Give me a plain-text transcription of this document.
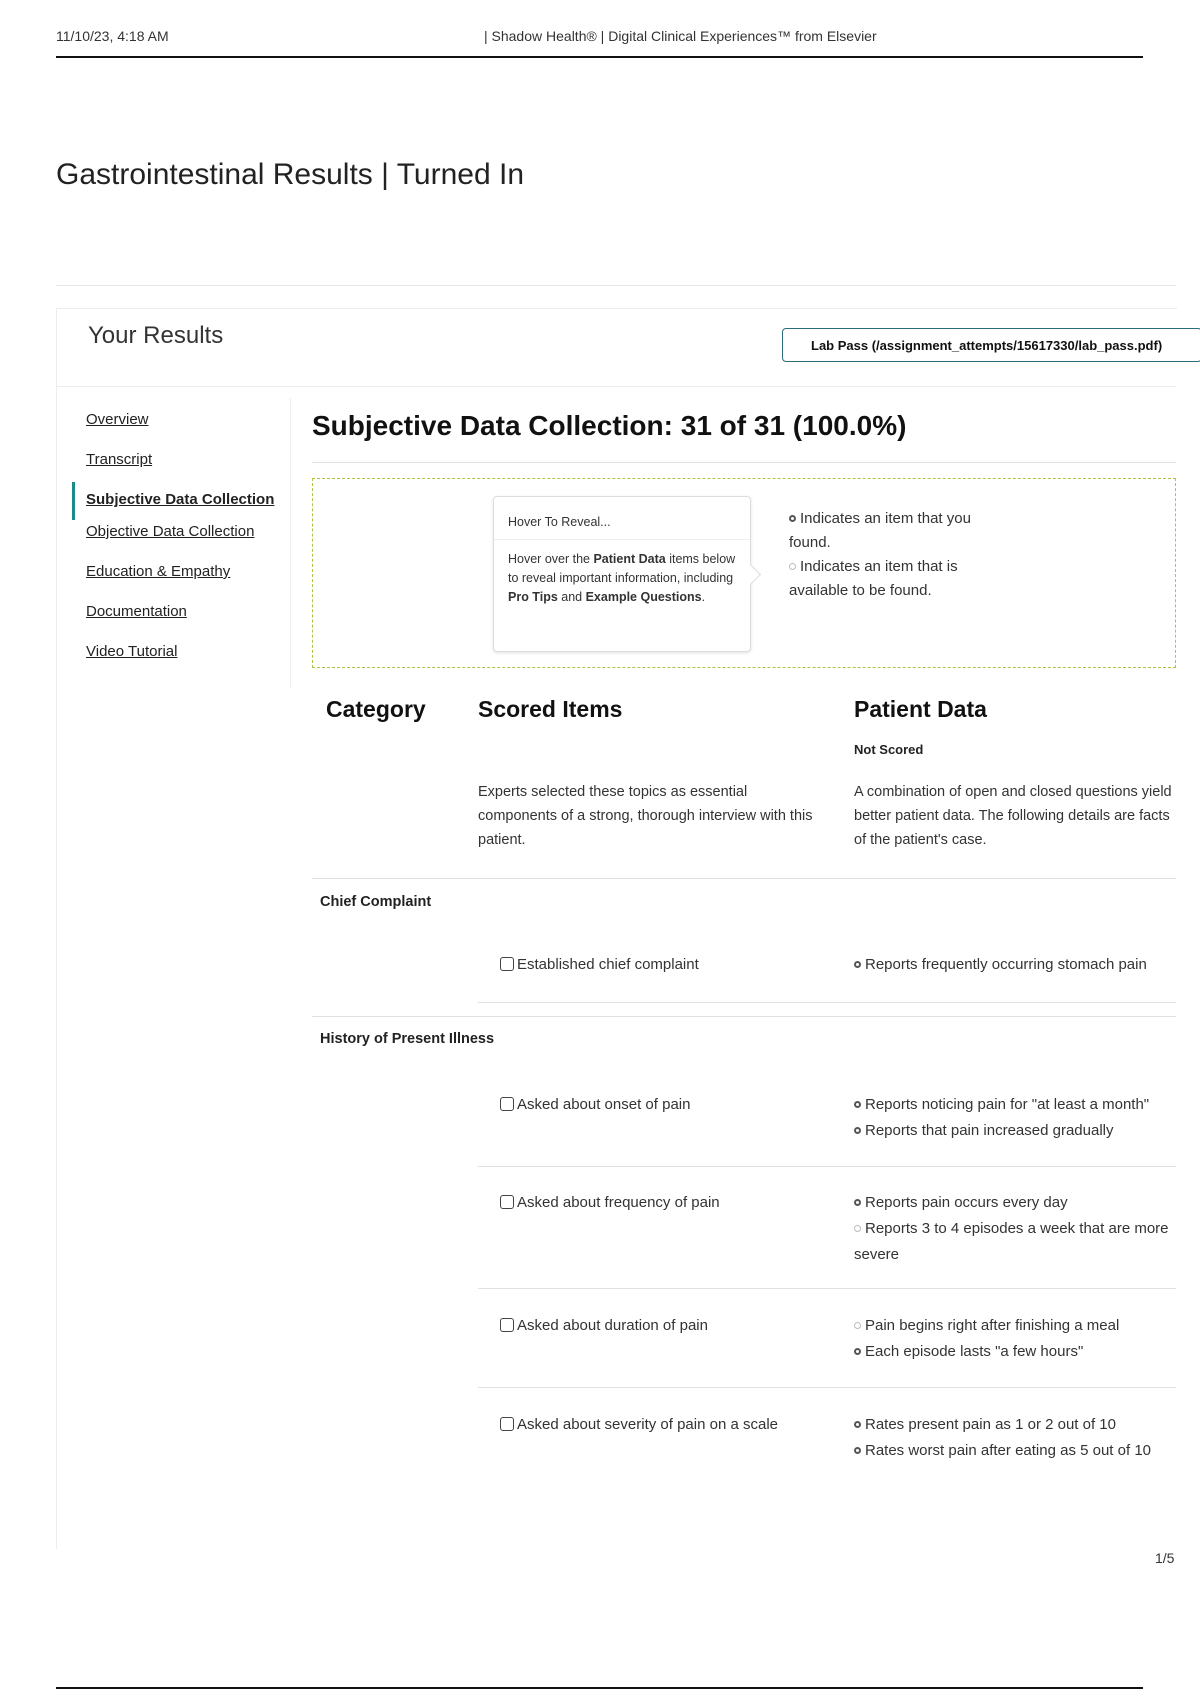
11/10/23, 4:18 AM	| Shadow Health® | Digital Clinical Experiences™ from Elsevier
Gastrointestinal Results | Turned In
Your Results	Lab Pass (/assignment_attempts/15617330/lab_pass.pdf)
Overview
Transcript
Subjective Data Collection
Objective Data Collection
Education & Empathy
Documentation
Video Tutorial
Subjective Data Collection: 31 of 31 (100.0%)
Hover To Reveal...
Hover over the Patient Data items below to reveal important information, including Pro Tips and Example Questions.
Indicates an item that you found.
Indicates an item that is available to be found.
Category Scored Items	Patient Data
Not Scored
Experts selected these topics as essential components of a strong, thorough interview with this patient.
A combination of open and closed questions yield better patient data. The following details are facts of the patient's case.
Chief Complaint
Established chief complaint	Reports frequently occurring stomach pain
History of Present Illness
Asked about onset of pain	Reports noticing pain for "at least a month"
Reports that pain increased gradually
Asked about frequency of pain	Reports pain occurs every day
Reports 3 to 4 episodes a week that are more severe
Asked about duration of pain	Pain begins right after finishing a meal
Each episode lasts "a few hours"
Asked about severity of pain on a scale	Rates present pain as 1 or 2 out of 10
Rates worst pain after eating as 5 out of 10
1/5
